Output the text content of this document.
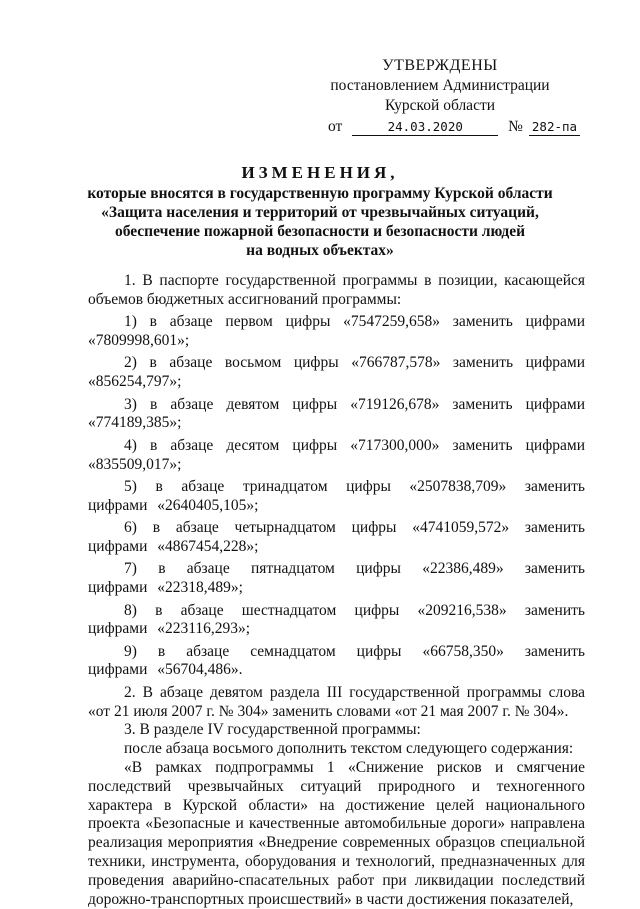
УТВЕРЖДЕНЫ
постановлением Администрации
Курской области
от	24.03.2020	№ 282-па
ИЗМЕНЕНИЯ,
которые вносятся в государственную программу Курской области
«Защита населения и территорий от чрезвычайных ситуаций,
обеспечение пожарной безопасности и безопасности людей
на водных объектах»

1. В паспорте государственной программы в позиции, касающейся объемов бюджетных ассигнований программы:

1) в абзаце первом цифры «7547259,658» заменить цифрами «7809998,601»;

2) в абзаце восьмом цифры «766787,578» заменить цифрами «856254,797»;

3) в абзаце девятом цифры «719126,678» заменить цифрами «774189,385»;

4) в абзаце десятом цифры «717300,000» заменить цифрами «835509,017»;

5) в абзаце тринадцатом цифры «2507838,709» заменить цифрами «2640405,105»;

6) в абзаце четырнадцатом цифры «4741059,572» заменить цифрами «4867454,228»;

7) в абзаце пятнадцатом цифры «22386,489» заменить цифрами «22318,489»;

8) в абзаце шестнадцатом цифры «209216,538» заменить цифрами «223116,293»;

9) в абзаце семнадцатом цифры «66758,350» заменить цифрами «56704,486».

2. В абзаце девятом раздела III государственной программы слова «от 21 июля 2007 г. № 304» заменить словами «от 21 мая 2007 г. № 304».

3. В разделе IV государственной программы:

после абзаца восьмого дополнить текстом следующего содержания:

«В рамках подпрограммы 1 «Снижение рисков и смягчение последствий чрезвычайных ситуаций природного и техногенного характера в Курской области» на достижение целей национального проекта «Безопасные и качественные автомобильные дороги» направлена реализация мероприятия «Внедрение современных образцов специальной техники, инструмента, оборудования и технологий, предназначенных для проведения аварийно-спасательных работ при ликвидации последствий дорожно-транспортных происшествий» в части достижения показателей,
